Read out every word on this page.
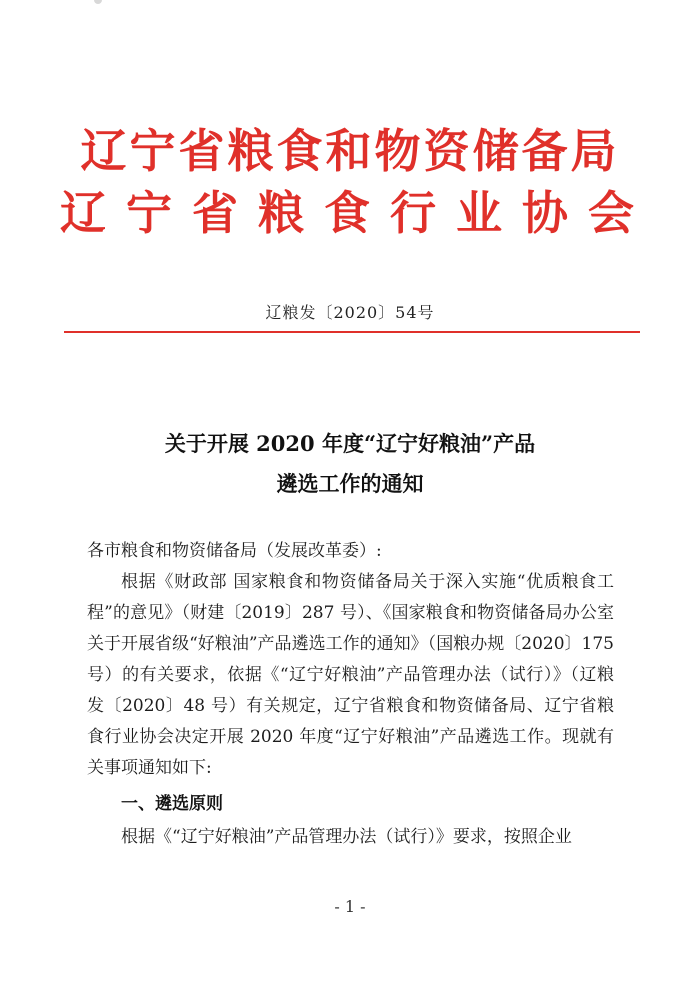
辽宁省粮食和物资储备局
辽宁省粮食行业协会
辽粮发〔2020〕54号
关于开展 2020 年度“辽宁好粮油”产品
遴选工作的通知
各市粮食和物资储备局（发展改革委）:
根据《财政部 国家粮食和物资储备局关于深入实施“优质粮食工程”的意见》（财建〔2019〕287 号）、《国家粮食和物资储备局办公室关于开展省级“好粮油”产品遴选工作的通知》（国粮办规〔2020〕175 号）的有关要求，依据《“辽宁好粮油”产品管理办法（试行）》（辽粮发〔2020〕48 号）有关规定，辽宁省粮食和物资储备局、辽宁省粮食行业协会决定开展 2020 年度“辽宁好粮油”产品遴选工作。现就有关事项通知如下:
一、遴选原则
根据《“辽宁好粮油”产品管理办法（试行）》要求，按照企业
- 1 -
